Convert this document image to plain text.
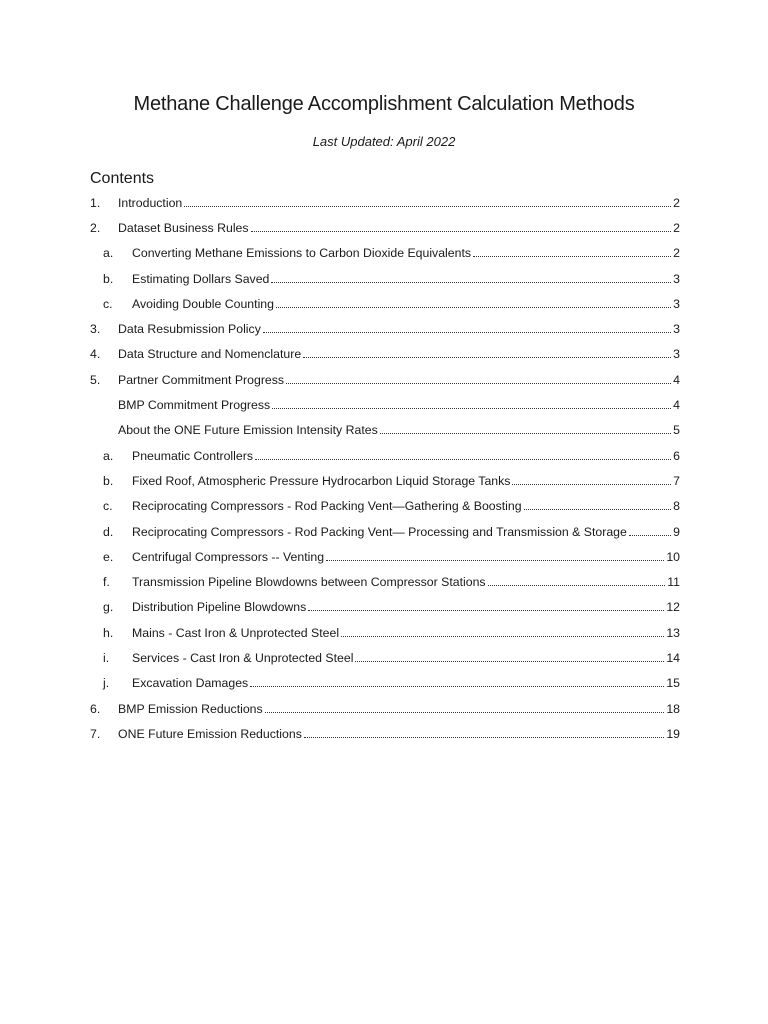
Methane Challenge Accomplishment Calculation Methods
Last Updated: April 2022
Contents
1.	Introduction	2
2.	Dataset Business Rules	2
a.	Converting Methane Emissions to Carbon Dioxide Equivalents	2
b.	Estimating Dollars Saved	3
c.	Avoiding Double Counting	3
3.	Data Resubmission Policy	3
4.	Data Structure and Nomenclature	3
5.	Partner Commitment Progress	4
BMP Commitment Progress	4
About the ONE Future Emission Intensity Rates	5
a.	Pneumatic Controllers	6
b.	Fixed Roof, Atmospheric Pressure Hydrocarbon Liquid Storage Tanks	7
c.	Reciprocating Compressors - Rod Packing Vent—Gathering & Boosting	8
d.	Reciprocating Compressors - Rod Packing Vent— Processing and Transmission & Storage	9
e.	Centrifugal Compressors -- Venting	10
f.	Transmission Pipeline Blowdowns between Compressor Stations	11
g.	Distribution Pipeline Blowdowns	12
h.	Mains - Cast Iron & Unprotected Steel	13
i.	Services - Cast Iron & Unprotected Steel	14
j.	Excavation Damages	15
6.	BMP Emission Reductions	18
7.	ONE Future Emission Reductions	19
